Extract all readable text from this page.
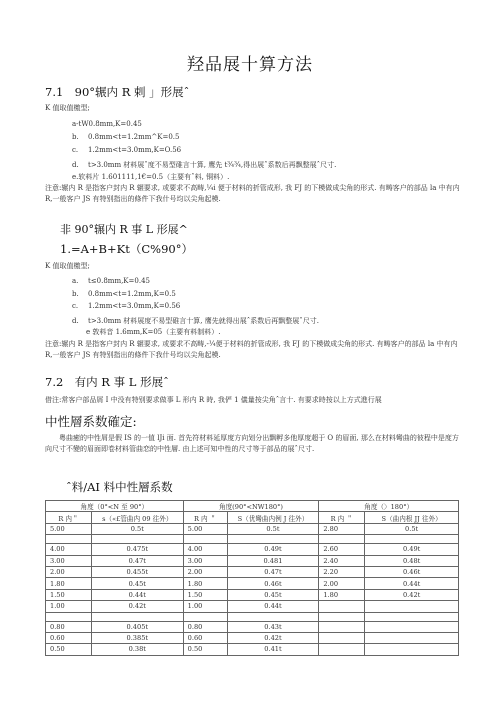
羟品展十算方法
7.1 90°辗内 R 剌 」形展ˆ
K 值取值檄型;
a-tW0.8mm,K=0.45
b. 0.8mm<t=1.2mm^K=0.5
c. 1.2mm<t=3.0mm,K=O.56
d. t>3.0mm 材料展ˆ度不易型碓言十算, 鹰先 t¾¾,得出展ˆ系数后再飘整展ˆ尺寸.
e.软料片 1.601111,1€=0.5（主要有ˆ料, 铜料）.
注意:辗内 R 是指客户封内 R 辗要求, 或要求不高畴,¼i 便于材料的折管成形, 我 FJ 的下模做成尖角的形式. 有畴客户的部品 la 中有内 R,一般客户 JS 有特别指出的條件下我什号均以尖角起模.
非 90°辗内 R 事 L 形展^
1.=A+B+Kt（C%90°）
K 值取值檄型;
a. t≤0.8mm,K=0.45
b. 0.8mm<t=1.2mm,K=0.5
c. 1.2mm<t=3.0mm,K=0.56
d. t>3.0mm 材料展度不易型碓言十算, 鹰先就得出展ˆ系数后再飘整展ˆ尺寸.
e 敦料音 1.6mm,K=05（主要有料制料）.
注意:辗内 R 是指客户封内 R 辗要求, 或要求不高畴,-¼便于材料的折管成形, 我 FJ 的下模做成尖角的形式. 有畴客户的部品 la 中有内 R,一般客户 JS 有特别指出的條件下我什号均以尖角起模.
7.2 有内 R 事 L 形展ˆ
借注:常客户部品屑 I 中没有特别要求做事 L 形内 R 時, 我俨 1 儀量按尖角ˆ言十. 有要求時按以上方式進行展
中性層系数確定:
粤曲癒的中性屑是假 IS 的一值 lJi 面. 首先符材料延厚度方向划分出飘孵多他厚度超于 O 的眉面, 那么在材料彎曲的彼程中是度方向尺寸不變的眉面即卷材料管曲恋的中性層. 由上述可知中性的尺寸等于部品的展ˆ尺寸.
ˆ料/AI 料中性層系数
角度（0°<N 至 90°）		角度(90°<NW180°)		角度（〉180°）	
R 内＂	s（«£管曲内 09 往外）	R 内 ＂	S（优彎曲内例 J 往外）	R 内 ＂	S（曲内根 JJ 往外）
5.00	0.5t	5.00	0.5t	2.80	0.5t

4.00	0.475t	4.00	0.49t	2.60	0.49t
3.00	0.47t	3.00	0.481	2.40	0.48t
2.00	0.455t	2.00	0.47t	2.20	0.46t
1.80	0.45t	1.80	0.46t	2.00	0.44t
1.50	0.44t	1.50	0.45t	1.80	0.42t
1.00	0.42t	1.00	0.44t		

0.80	0.405t	0.80	0.43t		
0.60	0.385t	0.60	0.42t		
0.50	0.38t	0.50	0.41t		
